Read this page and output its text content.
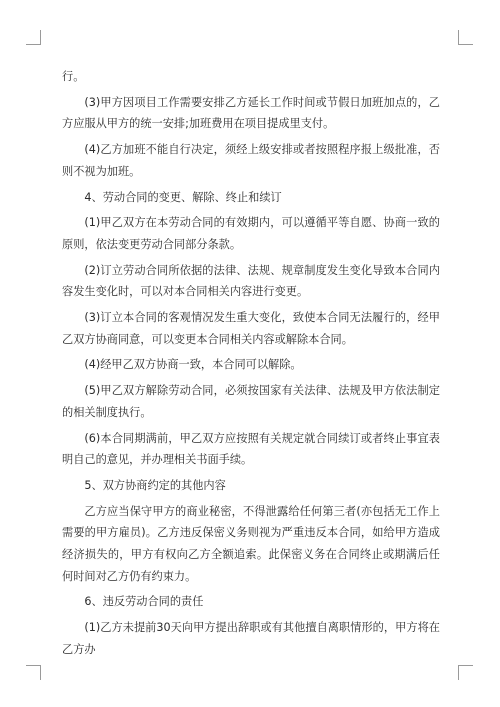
行。

(3)甲方因项目工作需要安排乙方延长工作时间或节假日加班加点的，乙方应服从甲方的统一安排;加班费用在项目提成里支付。

(4)乙方加班不能自行决定，须经上级安排或者按照程序报上级批准，否则不视为加班。

4、劳动合同的变更、解除、终止和续订

(1)甲乙双方在本劳动合同的有效期内，可以遵循平等自愿、协商一致的原则，依法变更劳动合同部分条款。

(2)订立劳动合同所依据的法律、法规、规章制度发生变化导致本合同内容发生变化时，可以对本合同相关内容进行变更。

(3)订立本合同的客观情况发生重大变化，致使本合同无法履行的，经甲乙双方协商同意，可以变更本合同相关内容或解除本合同。

(4)经甲乙双方协商一致，本合同可以解除。

(5)甲乙双方解除劳动合同，必须按国家有关法律、法规及甲方依法制定的相关制度执行。

(6)本合同期满前，甲乙双方应按照有关规定就合同续订或者终止事宜表明自己的意见，并办理相关书面手续。

5、双方协商约定的其他内容

乙方应当保守甲方的商业秘密，不得泄露给任何第三者(亦包括无工作上需要的甲方雇员)。乙方违反保密义务则视为严重违反本合同，如给甲方造成经济损失的，甲方有权向乙方全额追索。此保密义务在合同终止或期满后任何时间对乙方仍有约束力。

6、违反劳动合同的责任

(1)乙方未提前30天向甲方提出辞职或有其他擅自离职情形的，甲方将在乙方办
